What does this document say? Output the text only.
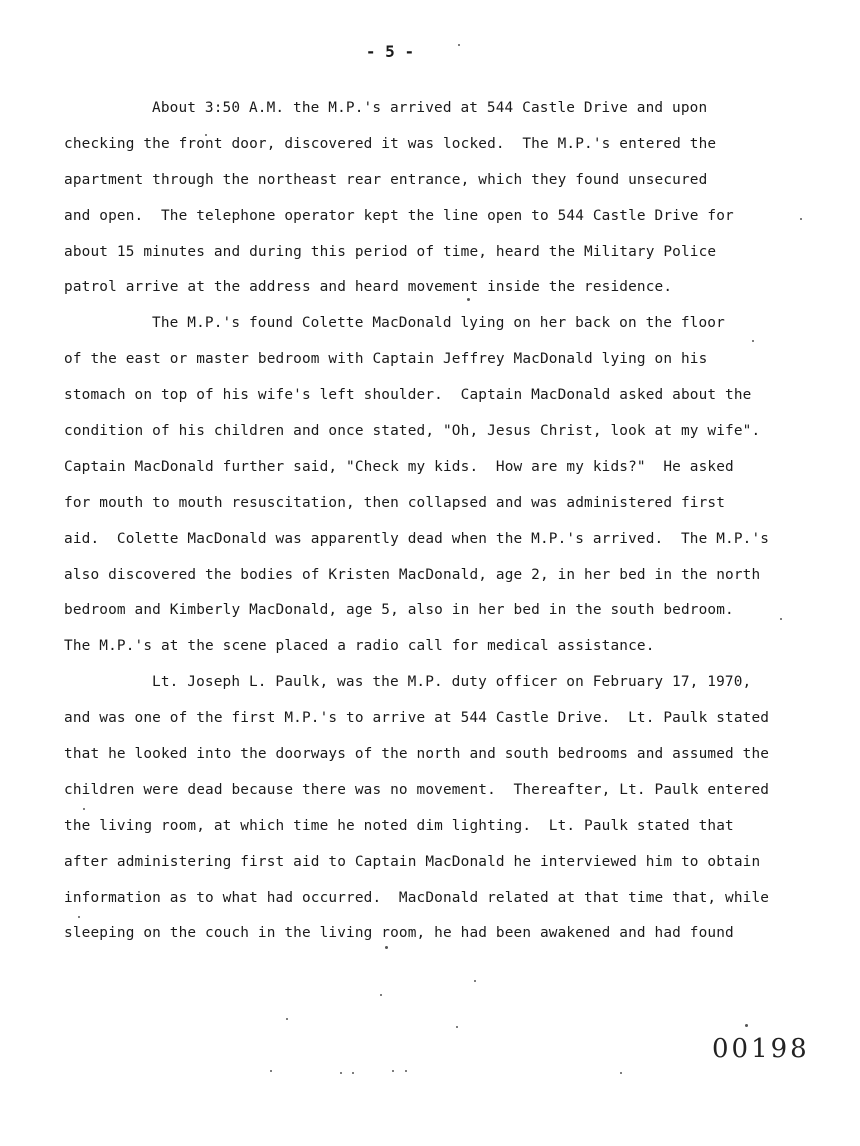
- 5 -
About 3:50 A.M. the M.P.'s arrived at 544 Castle Drive and upon
checking the front door, discovered it was locked.  The M.P.'s entered the
apartment through the northeast rear entrance, which they found unsecured
and open.  The telephone operator kept the line open to 544 Castle Drive for
about 15 minutes and during this period of time, heard the Military Police
patrol arrive at the address and heard movement inside the residence.
The M.P.'s found Colette MacDonald lying on her back on the floor
of the east or master bedroom with Captain Jeffrey MacDonald lying on his
stomach on top of his wife's left shoulder.  Captain MacDonald asked about the
condition of his children and once stated, "Oh, Jesus Christ, look at my wife".
Captain MacDonald further said, "Check my kids.  How are my kids?"  He asked
for mouth to mouth resuscitation, then collapsed and was administered first
aid.  Colette MacDonald was apparently dead when the M.P.'s arrived.  The M.P.'s
also discovered the bodies of Kristen MacDonald, age 2, in her bed in the north
bedroom and Kimberly MacDonald, age 5, also in her bed in the south bedroom.
The M.P.'s at the scene placed a radio call for medical assistance.
Lt. Joseph L. Paulk, was the M.P. duty officer on February 17, 1970,
and was one of the first M.P.'s to arrive at 544 Castle Drive.  Lt. Paulk stated
that he looked into the doorways of the north and south bedrooms and assumed the
children were dead because there was no movement.  Thereafter, Lt. Paulk entered
the living room, at which time he noted dim lighting.  Lt. Paulk stated that
after administering first aid to Captain MacDonald he interviewed him to obtain
information as to what had occurred.  MacDonald related at that time that, while
sleeping on the couch in the living room, he had been awakened and had found
00198
